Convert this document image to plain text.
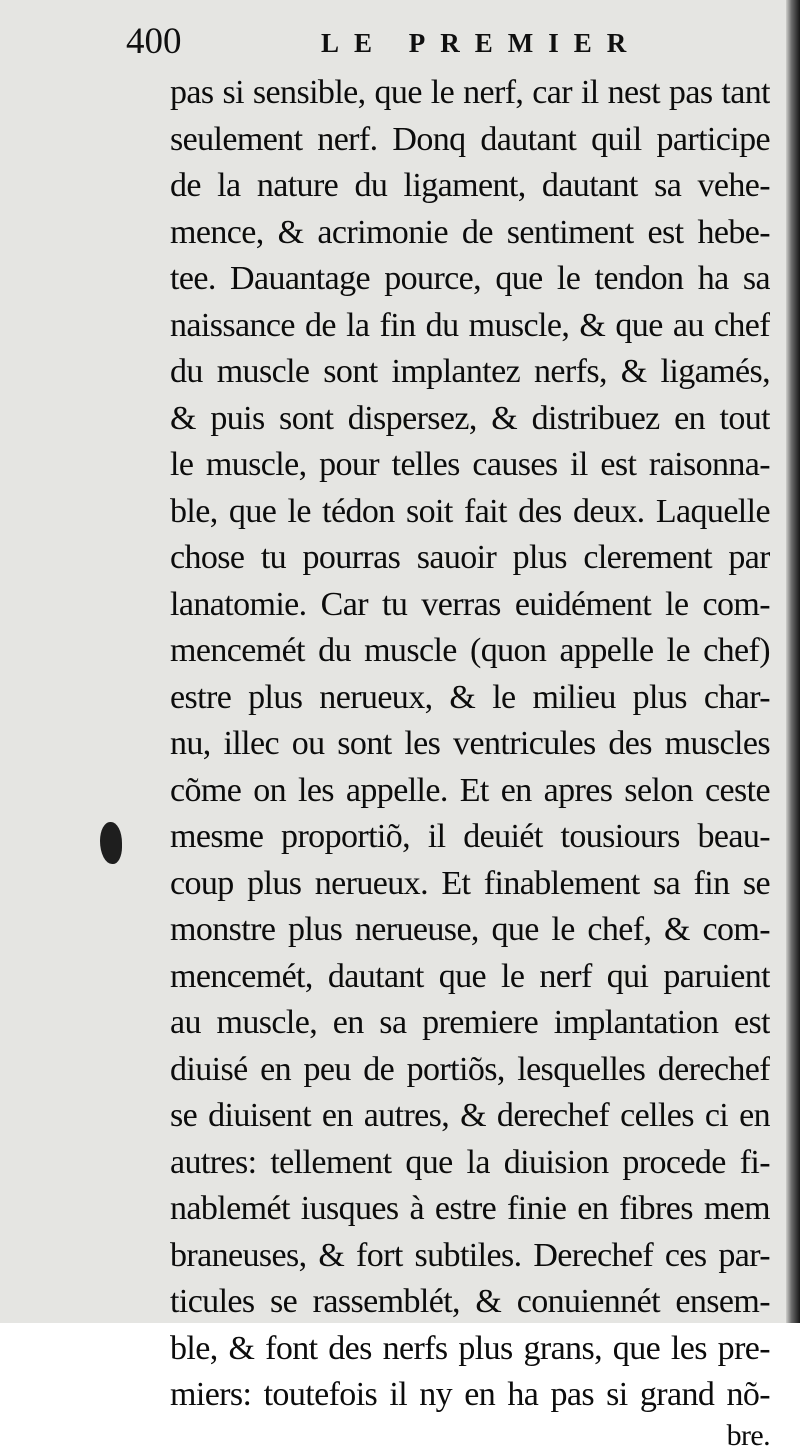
400	LE PREMIER
pas si sensible, que le nerf, car il nest pas tant
seulement nerf. Donq dautant quil participe
de la nature du ligament, dautant sa vehe-
mence, & acrimonie de sentiment est hebe-
tee. Dauantage pource, que le tendon ha sa
naissance de la fin du muscle, & que au chef
du muscle sont implantez nerfs, & ligamés,
& puis sont dispersez, & distribuez en tout
le muscle, pour telles causes il est raisonna-
ble, que le tédon soit fait des deux. Laquelle
chose tu pourras sauoir plus clerement par
lanatomie. Car tu verras euidément le com-
mencemét du muscle (quon appelle le chef)
estre plus nerueux, & le milieu plus char-
nu, illec ou sont les ventricules des muscles
cõme on les appelle. Et en apres selon ceste
mesme proportiõ, il deuiét tousiours beau-
coup plus nerueux. Et finablement sa fin se
monstre plus nerueuse, que le chef, & com-
mencemét, dautant que le nerf qui paruient
au muscle, en sa premiere implantation est
diuisé en peu de portiõs, lesquelles derechef
se diuisent en autres, & derechef celles ci en
autres: tellement que la diuision procede fi-
nablemét iusques à estre finie en fibres mem
braneuses, & fort subtiles. Derechef ces par-
ticules se rassemblét, & conuiennét ensem-
ble, & font des nerfs plus grans, que les pre-
miers: toutefois il ny en ha pas si grand nõ-
bre.
